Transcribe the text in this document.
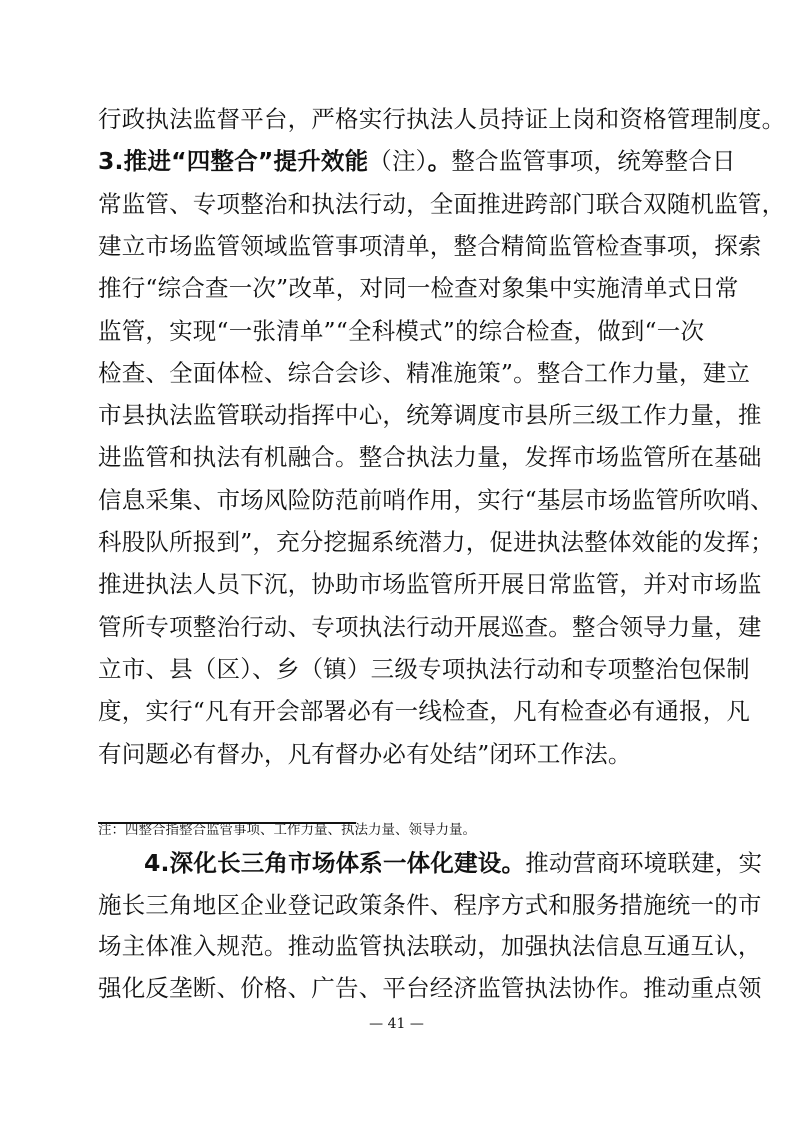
行政执法监督平台，严格实行执法人员持证上岗和资格管理制度。
3.推进“四整合”提升效能（注）。整合监管事项，统筹整合日
常监管、专项整治和执法行动，全面推进跨部门联合双随机监管，
建立市场监管领域监管事项清单，整合精简监管检查事项，探索
推行“综合查一次”改革，对同一检查对象集中实施清单式日常
监管，实现“一张清单”“全科模式”的综合检查，做到“一次
检查、全面体检、综合会诊、精准施策”。整合工作力量，建立
市县执法监管联动指挥中心，统筹调度市县所三级工作力量，推
进监管和执法有机融合。整合执法力量，发挥市场监管所在基础
信息采集、市场风险防范前哨作用，实行“基层市场监管所吹哨、
科股队所报到”，充分挖掘系统潜力，促进执法整体效能的发挥；
推进执法人员下沉，协助市场监管所开展日常监管，并对市场监
管所专项整治行动、专项执法行动开展巡查。整合领导力量，建
立市、县（区）、乡（镇）三级专项执法行动和专项整治包保制
度，实行“凡有开会部署必有一线检查，凡有检查必有通报，凡
有问题必有督办，凡有督办必有处结”闭环工作法。
注：四整合指整合监管事项、工作力量、执法力量、领导力量。
4.深化长三角市场体系一体化建设。推动营商环境联建，实
施长三角地区企业登记政策条件、程序方式和服务措施统一的市
场主体准入规范。推动监管执法联动，加强执法信息互通互认，
强化反垄断、价格、广告、平台经济监管执法协作。推动重点领
— 41 —
